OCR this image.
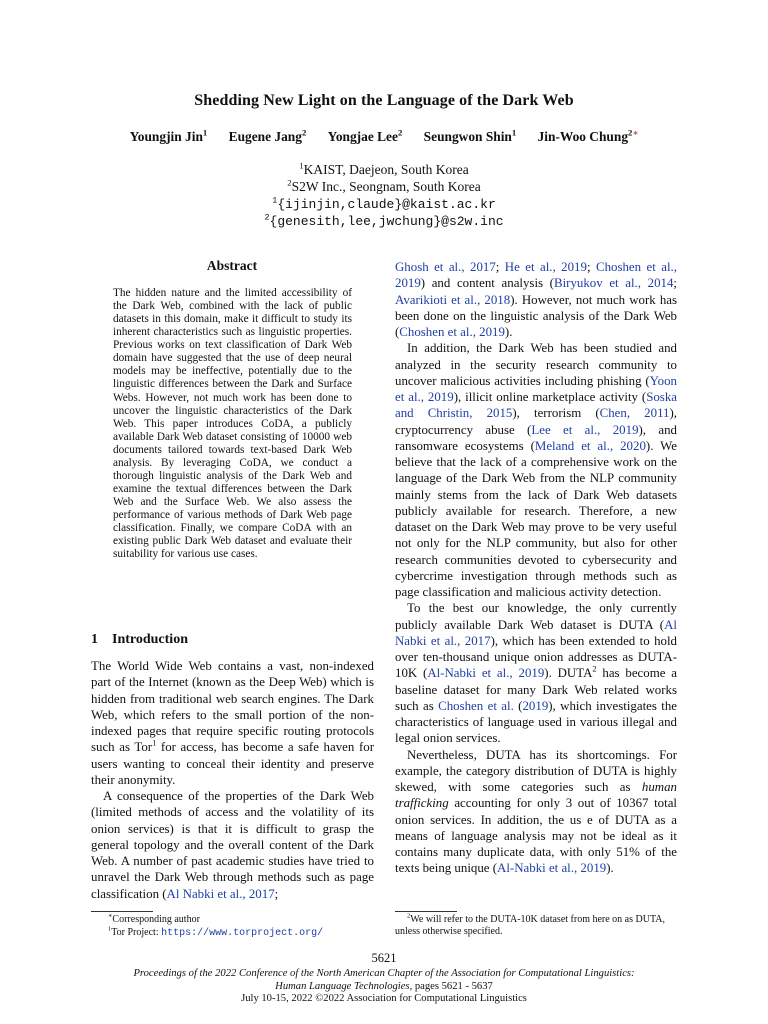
Shedding New Light on the Language of the Dark Web
Youngjin Jin$^1$ Eugene Jang$^2$ Yongjae Lee$^2$ Seungwon Shin$^1$ Jin-Woo Chung$^{2∗}$
$^1$KAIST, Daejeon, South Korea
$^2$S2W Inc., Seongnam, South Korea
$^1${ijinjin,claude}@kaist.ac.kr
$^2${genesith,lee,jwchung}@s2w.inc
Abstract
The hidden nature and the limited accessibility of the Dark Web, combined with the lack of public datasets in this domain, make it difficult to study its inherent characteristics such as linguistic properties. Previous works on text classification of Dark Web domain have suggested that the use of deep neural models may be ineffective, potentially due to the linguistic differences between the Dark and Surface Webs. However, not much work has been done to uncover the linguistic characteristics of the Dark Web. This paper introduces CoDA, a publicly available Dark Web dataset consisting of 10000 web documents tailored towards text-based Dark Web analysis. By leveraging CoDA, we conduct a thorough linguistic analysis of the Dark Web and examine the textual differences between the Dark Web and the Surface Web. We also assess the performance of various methods of Dark Web page classification. Finally, we compare CoDA with an existing public Dark Web dataset and evaluate their suitability for various use cases.
1 Introduction

The World Wide Web contains a vast, non-indexed part of the Internet (known as the Deep Web) which is hidden from traditional web search engines. The Dark Web, which refers to the small portion of the non-indexed pages that require specific routing protocols such as Tor$^1$ for access, has become a safe haven for users wanting to conceal their identity and preserve their anonymity.

A consequence of the properties of the Dark Web (limited methods of access and the volatility of its onion services) is that it is difficult to grasp the general topology and the overall content of the Dark Web. A number of past academic studies have tried to unravel the Dark Web through methods such as page classification (Al Nabki et al., 2017;

Ghosh et al., 2017; He et al., 2019; Choshen et al., 2019) and content analysis (Biryukov et al., 2014; Avarikioti et al., 2018). However, not much work has been done on the linguistic analysis of the Dark Web (Choshen et al., 2019).

In addition, the Dark Web has been studied and analyzed in the security research community to uncover malicious activities including phishing (Yoon et al., 2019), illicit online marketplace activity (Soska and Christin, 2015), terrorism (Chen, 2011), cryptocurrency abuse (Lee et al., 2019), and ransomware ecosystems (Meland et al., 2020). We believe that the lack of a comprehensive work on the language of the Dark Web from the NLP community mainly stems from the lack of Dark Web datasets publicly available for research. Therefore, a new dataset on the Dark Web may prove to be very useful not only for the NLP community, but also for other research communities devoted to cybersecurity and cybercrime investigation through methods such as page classification and malicious activity detection.

To the best our knowledge, the only currently publicly available Dark Web dataset is DUTA (Al Nabki et al., 2017), which has been extended to hold over ten-thousand unique onion addresses as DUTA-10K (Al-Nabki et al., 2019). DUTA$^2$ has become a baseline dataset for many Dark Web related works such as Choshen et al. (2019), which investigates the characteristics of language used in various illegal and legal onion services.

Nevertheless, DUTA has its shortcomings. For example, the category distribution of DUTA is highly skewed, with some categories such as human trafficking accounting for only 3 out of 10367 total onion services. In addition, the us e of DUTA as a means of language analysis may not be ideal as it contains many duplicate data, with only 51% of the texts being unique (Al-Nabki et al., 2019).

∗Corresponding author
$^1$Tor Project: https://www.torproject.org/
$^2$We will refer to the DUTA-10K dataset from here on as DUTA, unless otherwise specified.
5621
Proceedings of the 2022 Conference of the North American Chapter of the Association for Computational Linguistics:
Human Language Technologies, pages 5621 - 5637
July 10-15, 2022 ©2022 Association for Computational Linguistics
